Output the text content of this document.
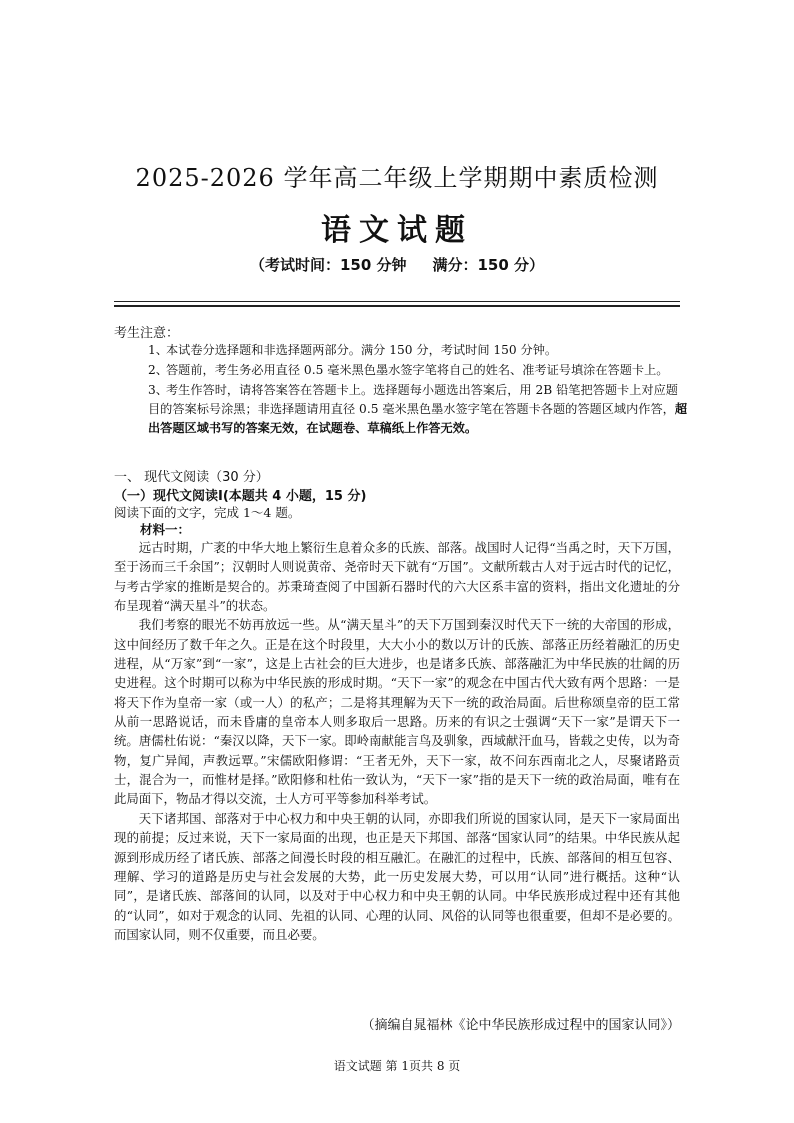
2025-2026 学年高二年级上学期期中素质检测
语文试题
（考试时间：150 分钟 满分：150 分）

考生注意：

1、本试卷分选择题和非选择题两部分。满分 150 分，考试时间 150 分钟。
2、答题前，考生务必用直径 0.5 毫米黑色墨水签字笔将自己的姓名、准考证号填涂在答题卡上。
3、考生作答时，请将答案答在答题卡上。选择题每小题选出答案后，用 2B 铅笔把答题卡上对应题目的答案标号涂黑；非选择题请用直径 0.5 毫米黑色墨水签字笔在答题卡各题的答题区域内作答，超出答题区域书写的答案无效，在试题卷、草稿纸上作答无效。

一、 现代文阅读（30 分）

（一）现代文阅读Ⅰ(本题共 4 小题，15 分)

阅读下面的文字，完成 1～4 题。

材料一：

远古时期，广袤的中华大地上繁衍生息着众多的氏族、部落。战国时人记得“当禹之时，天下万国，至于汤而三千余国”；汉朝时人则说黄帝、尧帝时天下就有“万国”。文献所载古人对于远古时代的记忆，与考古学家的推断是契合的。苏秉琦查阅了中国新石器时代的六大区系丰富的资料，指出文化遗址的分布呈现着“满天星斗”的状态。

我们考察的眼光不妨再放远一些。从“满天星斗”的天下万国到秦汉时代天下一统的大帝国的形成，这中间经历了数千年之久。正是在这个时段里，大大小小的数以万计的氏族、部落正历经着融汇的历史进程，从“万家”到“一家”，这是上古社会的巨大进步，也是诸多氏族、部落融汇为中华民族的壮阔的历史进程。这个时期可以称为中华民族的形成时期。“天下一家”的观念在中国古代大致有两个思路：一是将天下作为皇帝一家（或一人）的私产；二是将其理解为天下一统的政治局面。后世称颂皇帝的臣工常从前一思路说话，而未昏庸的皇帝本人则多取后一思路。历来的有识之士强调“天下一家”是谓天下一统。唐儒杜佑说：“秦汉以降，天下一家。即岭南献能言鸟及驯象，西域献汗血马，皆载之史传，以为奇物，复广异闻，声教远覃。”宋儒欧阳修谓：“王者无外，天下一家，故不问东西南北之人，尽聚诸路贡士，混合为一，而惟材是择。”欧阳修和杜佑一致认为，“天下一家”指的是天下一统的政治局面，唯有在此局面下，物品才得以交流，士人方可平等参加科举考试。

天下诸邦国、部落对于中心权力和中央王朝的认同，亦即我们所说的国家认同，是天下一家局面出现的前提；反过来说，天下一家局面的出现，也正是天下邦国、部落“国家认同”的结果。中华民族从起源到形成历经了诸氏族、部落之间漫长时段的相互融汇。在融汇的过程中，氏族、部落间的相互包容、理解、学习的道路是历史与社会发展的大势，此一历史发展大势，可以用“认同”进行概括。这种“认同”，是诸氏族、部落间的认同，以及对于中心权力和中央王朝的认同。中华民族形成过程中还有其他的“认同”，如对于观念的认同、先祖的认同、心理的认同、风俗的认同等也很重要，但却不是必要的。而国家认同，则不仅重要，而且必要。

（摘编自晁福林《论中华民族形成过程中的国家认同》）

语文试题 第 1页共 8 页
